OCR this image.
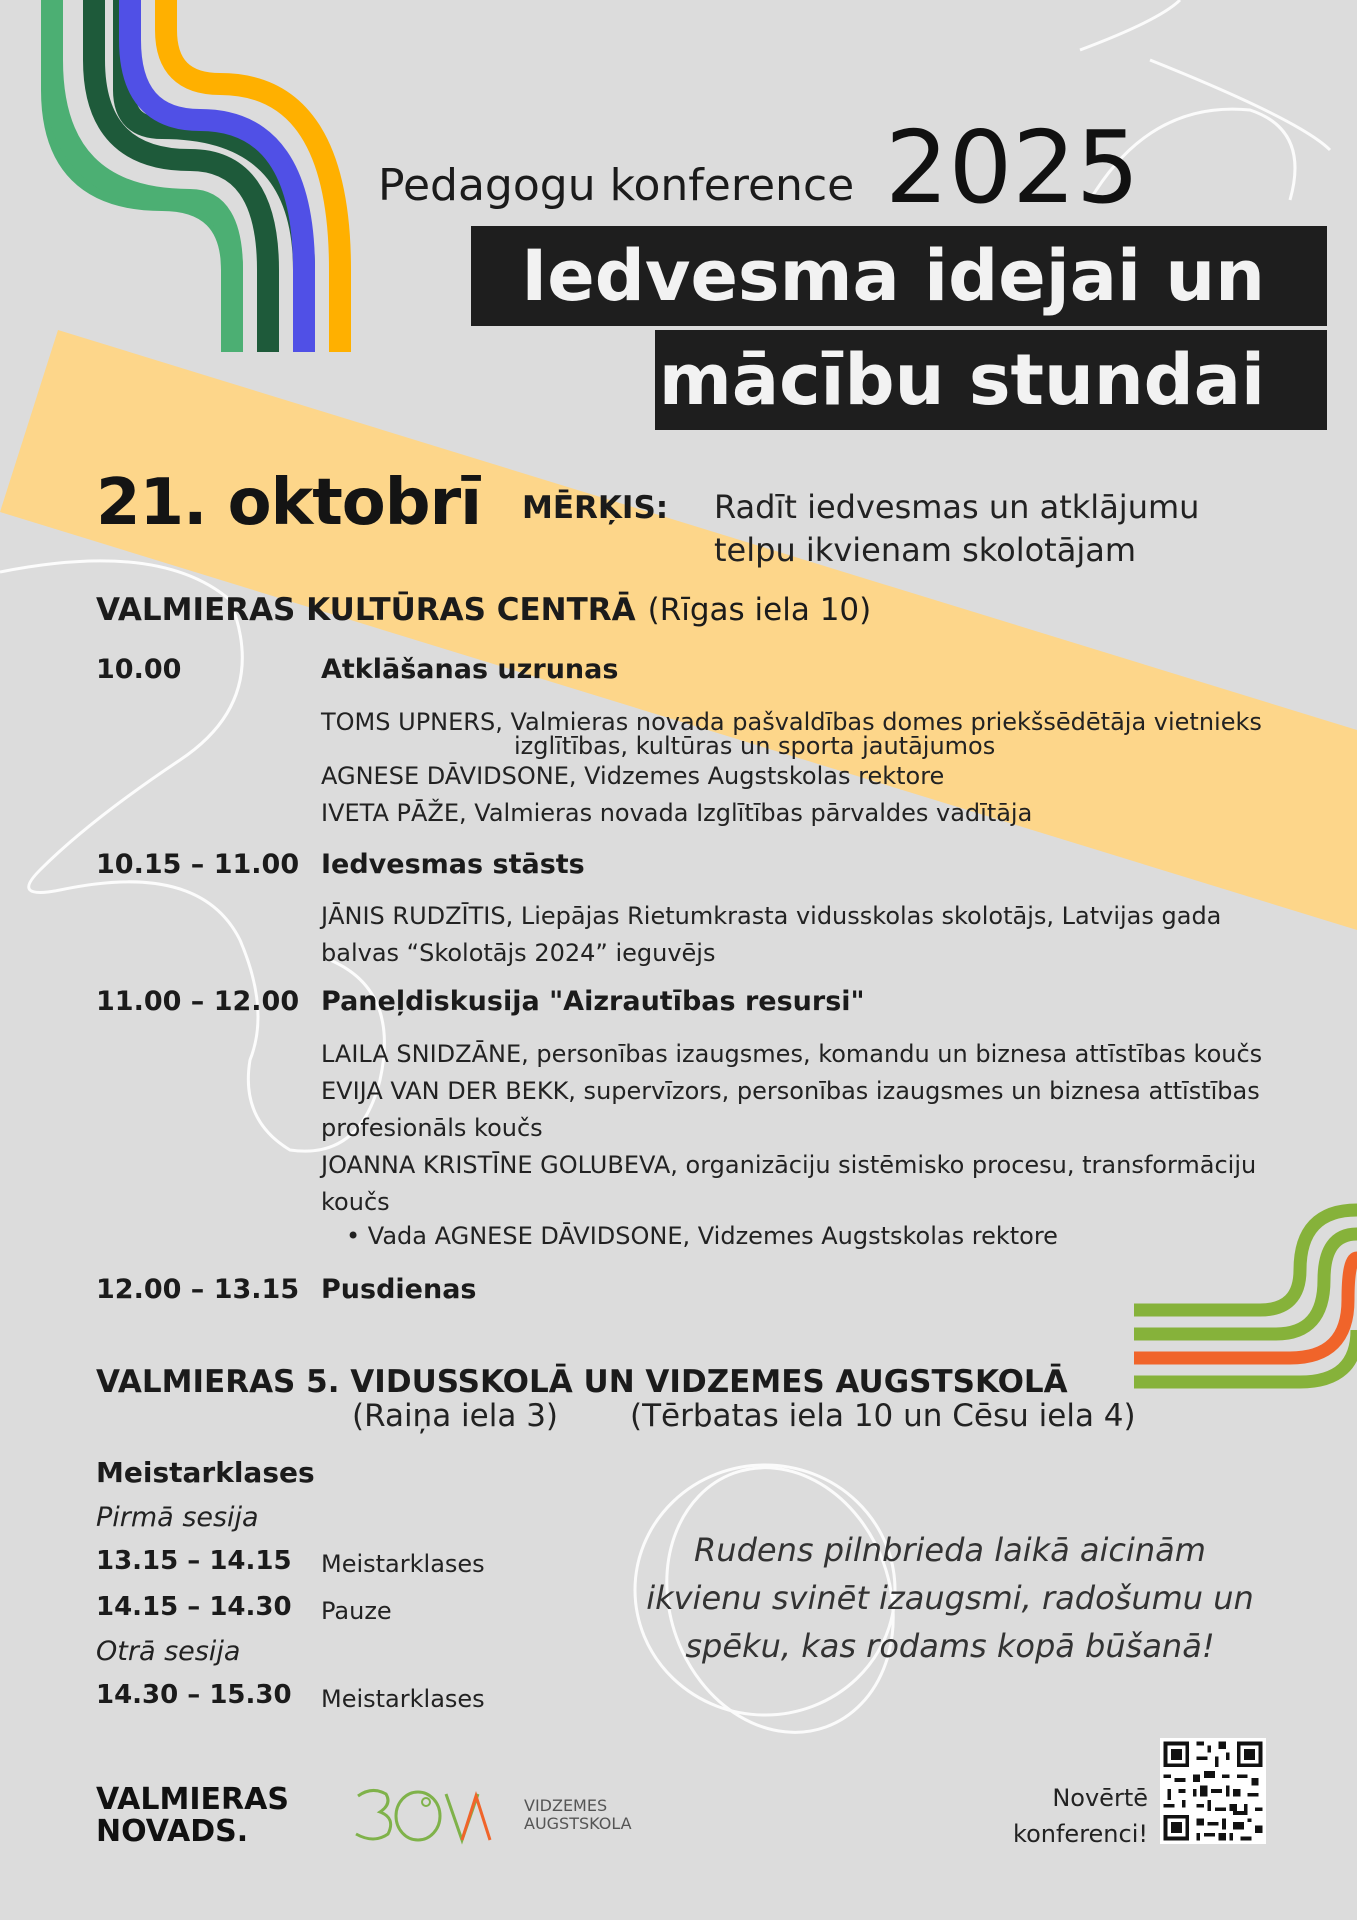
Pedagogu konference 2025
Iedvesma idejai un
mācību stundai
21. oktobrī MĒRĶIS: Radīt iedvesmas un atklājumu
telpu ikvienam skolotājam
VALMIERAS KULTŪRAS CENTRĀ (Rīgas iela 10)
10.00	Atklāšanas uzrunas
TOMS UPNERS, Valmieras novada pašvaldības domes priekšsēdētāja vietnieks
izglītības, kultūras un sporta jautājumos
AGNESE DĀVIDSONE, Vidzemes Augstskolas rektore
IVETA PĀŽE, Valmieras novada Izglītības pārvaldes vadītāja
10.15 – 11.00 Iedvesmas stāsts
JĀNIS RUDZĪTIS, Liepājas Rietumkrasta vidusskolas skolotājs, Latvijas gada
balvas “Skolotājs 2024” ieguvējs
11.00 – 12.00 Paneļdiskusija "Aizrautības resursi"
LAILA SNIDZĀNE, personības izaugsmes, komandu un biznesa attīstības koučs
EVIJA VAN DER BEKK, supervīzors, personības izaugsmes un biznesa attīstības
profesionāls koučs
JOANNA KRISTĪNE GOLUBEVA, organizāciju sistēmisko procesu, transformāciju
koučs
• Vada AGNESE DĀVIDSONE, Vidzemes Augstskolas rektore
12.00 – 13.15 Pusdienas
VALMIERAS 5. VIDUSSKOLĀ UN VIDZEMES AUGSTSKOLĀ
(Raiņa iela 3) (Tērbatas iela 10 un Cēsu iela 4)
Meistarklases
Pirmā sesija
13.15 – 14.15 Meistarklases
14.15 – 14.30 Pauze
Otrā sesija
14.30 – 15.30 Meistarklases
Rudens pilnbrieda laikā aicinām ikvienu svinēt izaugsmi, radošumu un spēku, kas rodams kopā būšanā!
VALMIERAS
NOVADS.
VIDZEMES
AUGSTSKOLA
Novērtē
konferenci!
